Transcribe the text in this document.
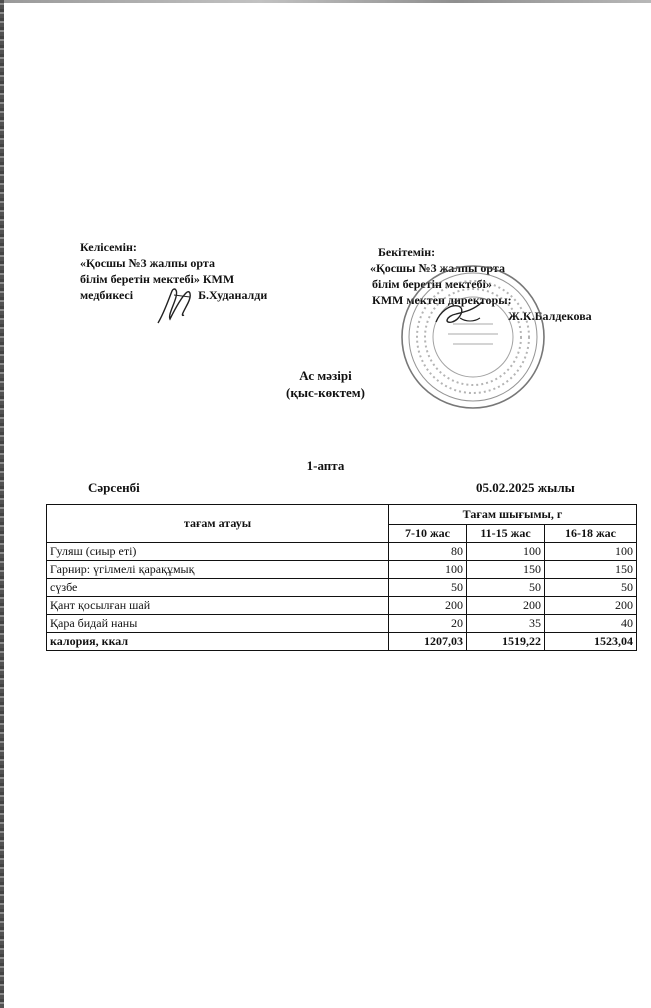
Келісемін:
«Қосшы №3 жалпы орта
білім беретін мектебі» КММ
медбикесі	Б.Худаналди
Бекітемін:
«Қосшы №3 жалпы орта
білім беретін мектебі»
КММ мектеп директоры:
Ж.К.Балдекова
Ас мәзірі
(қыс-көктем)
1-апта
Сәрсенбі	05.02.2025 жылы
тағам атауы	Тағам шығымы, г		
	7-10 жас	11-15 жас	16-18 жас
Гуляш (сиыр еті)	80	100	100
Гарнир: үгілмелі қарақұмық	100	150	150
сүзбе	50	50	50
Қант қосылған шай	200	200	200
Қара бидай наны	20	35	40
калория, ккал	1207,03	1519,22	1523,04
